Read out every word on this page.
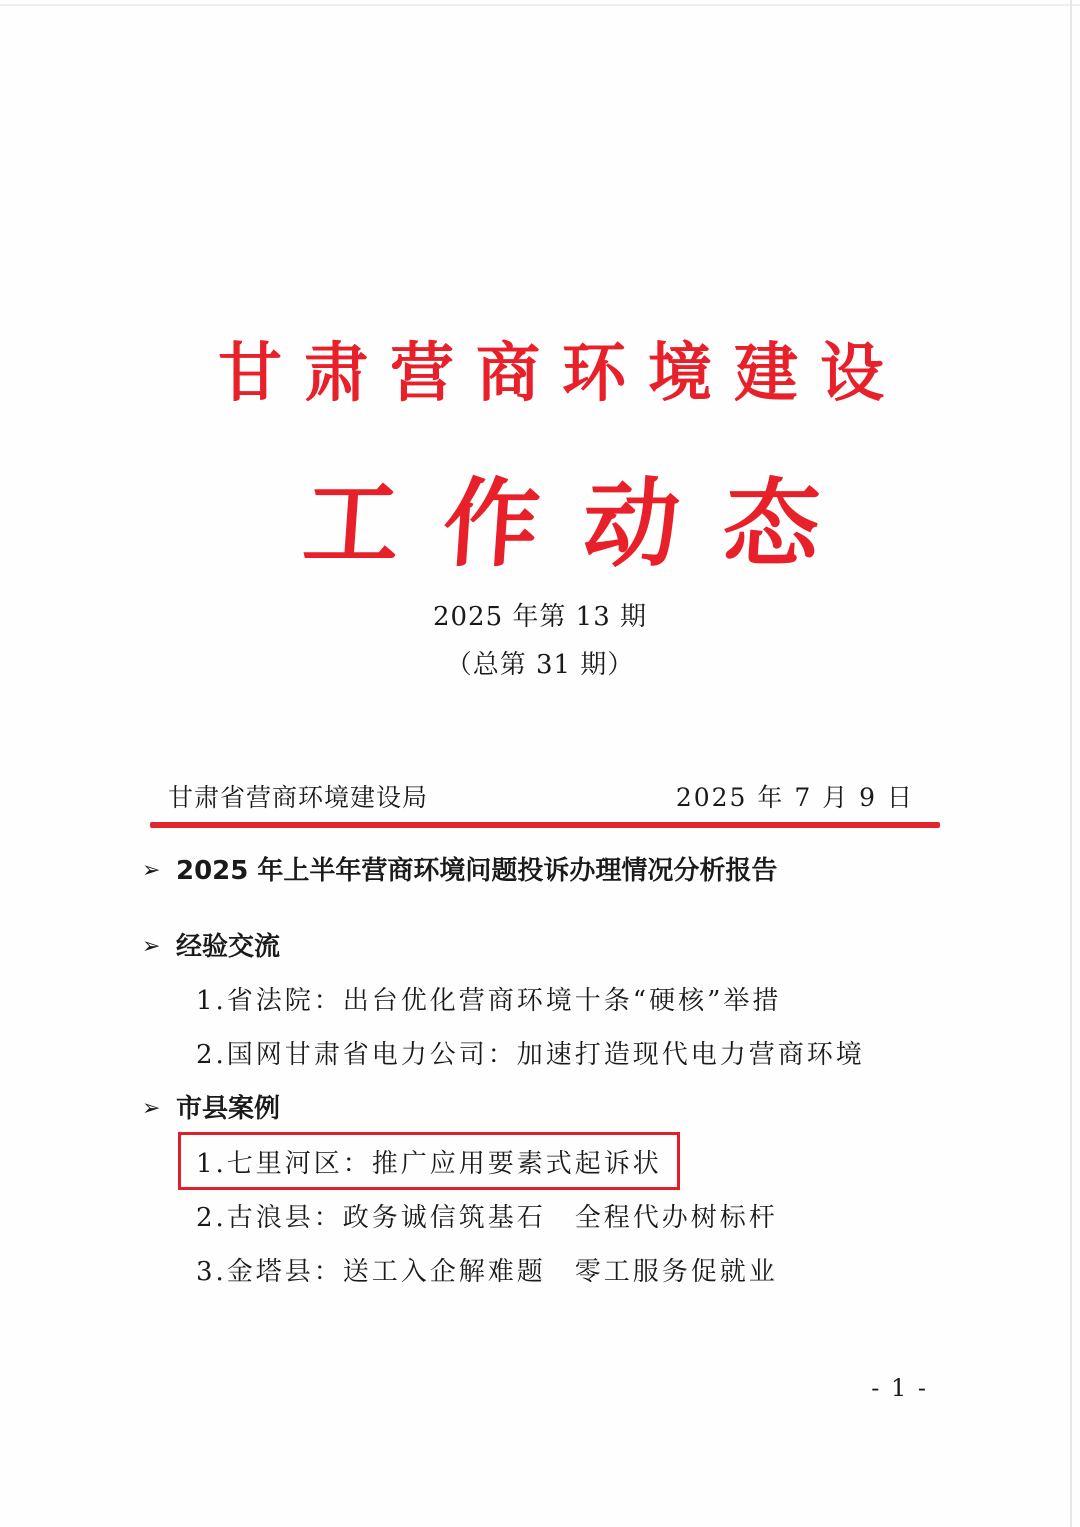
甘肃营商环境建设
工作动态
2025 年第 13 期
（总第 31 期）
甘肃省营商环境建设局	2025 年 7 月 9 日
➢ 2025 年上半年营商环境问题投诉办理情况分析报告
➢ 经验交流
1.省法院：出台优化营商环境十条“硬核”举措
2.国网甘肃省电力公司：加速打造现代电力营商环境
➢ 市县案例
1.七里河区：推广应用要素式起诉状
2.古浪县：政务诚信筑基石　全程代办树标杆
3.金塔县：送工入企解难题　零工服务促就业
- 1 -
